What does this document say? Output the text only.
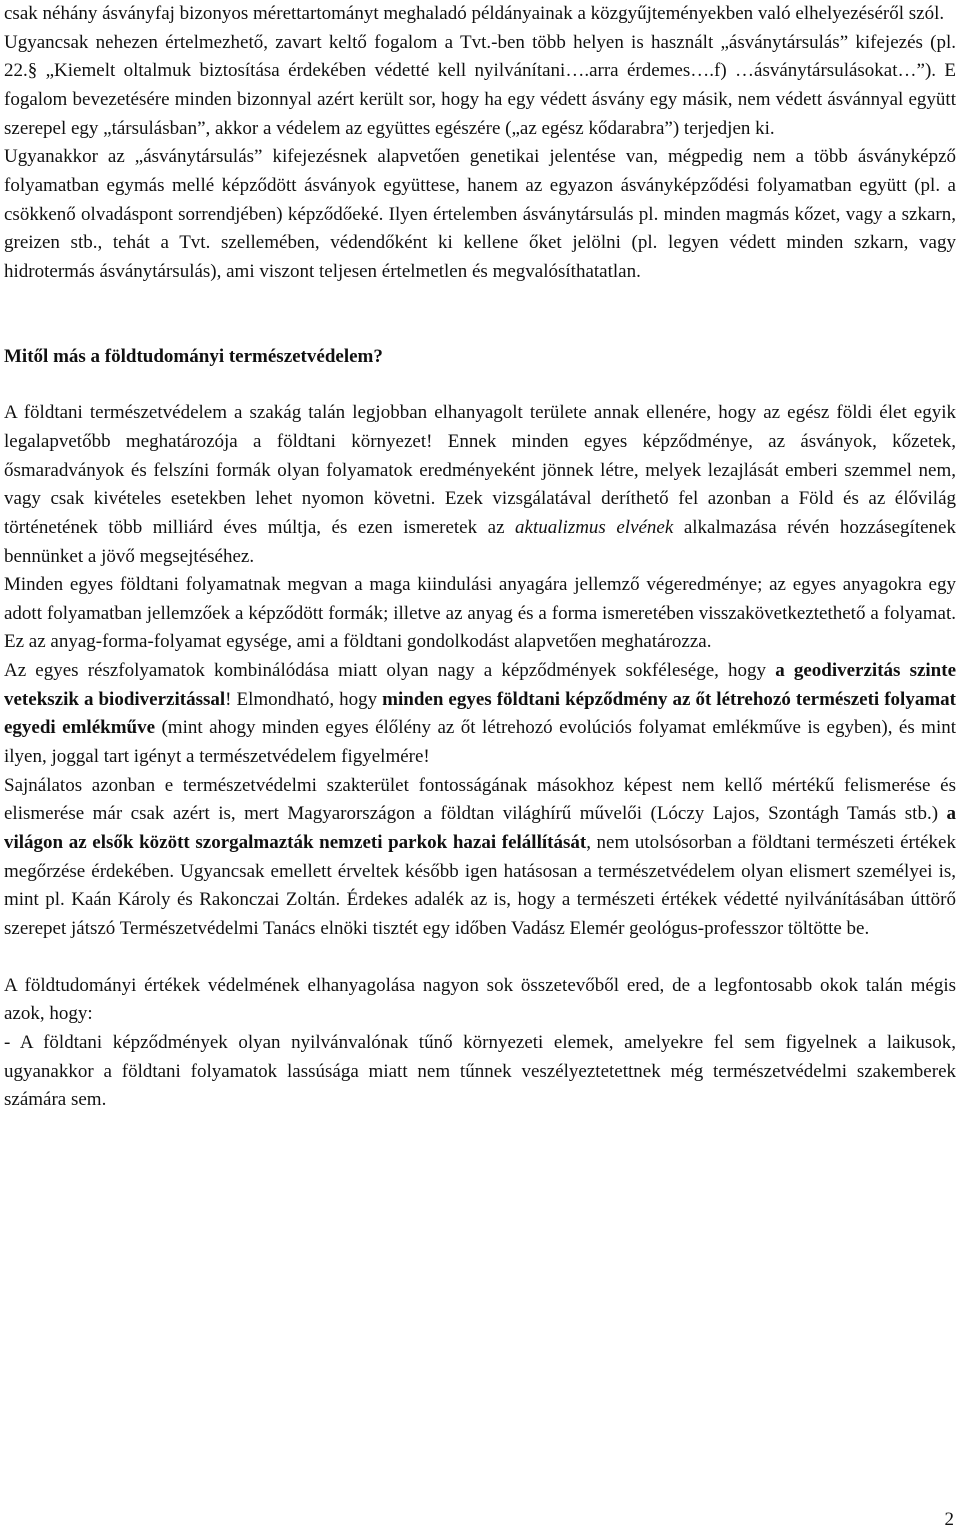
csak néhány ásványfaj bizonyos mérettartományt meghaladó példányainak a közgyűjteményekben való elhelyezéséről szól.

Ugyancsak nehezen értelmezhető, zavart keltő fogalom a Tvt.-ben több helyen is használt „ásványtársulás” kifejezés (pl. 22.§ „Kiemelt oltalmuk biztosítása érdekében védetté kell nyilvánítani….arra érdemes….f) …ásványtársulásokat…”). E fogalom bevezetésére minden bizonnyal azért került sor, hogy ha egy védett ásvány egy másik, nem védett ásvánnyal együtt szerepel egy „társulásban”, akkor a védelem az együttes egészére („az egész kődarabra”) terjedjen ki.

Ugyanakkor az „ásványtársulás” kifejezésnek alapvetően genetikai jelentése van, mégpedig nem a több ásványképző folyamatban egymás mellé képződött ásványok együttese, hanem az egyazon ásványképződési folyamatban együtt (pl. a csökkenő olvadáspont sorrendjében) képződőeké. Ilyen értelemben ásványtársulás pl. minden magmás kőzet, vagy a szkarn, greizen stb., tehát a Tvt. szellemében, védendőként ki kellene őket jelölni (pl. legyen védett minden szkarn, vagy hidrotermás ásványtársulás), ami viszont teljesen értelmetlen és megvalósíthatatlan.

Mitől más a földtudományi természetvédelem?

A földtani természetvédelem a szakág talán legjobban elhanyagolt területe annak ellenére, hogy az egész földi élet egyik legalapvetőbb meghatározója a földtani környezet! Ennek minden egyes képződménye, az ásványok, kőzetek, ősmaradványok és felszíni formák olyan folyamatok eredményeként jönnek létre, melyek lezajlását emberi szemmel nem, vagy csak kivételes esetekben lehet nyomon követni. Ezek vizsgálatával deríthető fel azonban a Föld és az élővilág történetének több milliárd éves múltja, és ezen ismeretek az aktualizmus elvének alkalmazása révén hozzásegítenek bennünket a jövő megsejtéséhez.

Minden egyes földtani folyamatnak megvan a maga kiindulási anyagára jellemző végeredménye; az egyes anyagokra egy adott folyamatban jellemzőek a képződött formák; illetve az anyag és a forma ismeretében visszakövetkeztethető a folyamat. Ez az anyag-forma-folyamat egysége, ami a földtani gondolkodást alapvetően meghatározza.

Az egyes részfolyamatok kombinálódása miatt olyan nagy a képződmények sokfélesége, hogy a geodiverzitás szinte vetekszik a biodiverzitással! Elmondható, hogy minden egyes földtani képződmény az őt létrehozó természeti folyamat egyedi emlékműve (mint ahogy minden egyes élőlény az őt létrehozó evolúciós folyamat emlékműve is egyben), és mint ilyen, joggal tart igényt a természetvédelem figyelmére!

Sajnálatos azonban e természetvédelmi szakterület fontosságának másokhoz képest nem kellő mértékű felismerése és elismerése már csak azért is, mert Magyarországon a földtan világhírű művelői (Lóczy Lajos, Szontágh Tamás stb.) a világon az elsők között szorgalmazták nemzeti parkok hazai felállítását, nem utolsósorban a földtani természeti értékek megőrzése érdekében. Ugyancsak emellett érveltek később igen hatásosan a természetvédelem olyan elismert személyei is, mint pl. Kaán Károly és Rakonczai Zoltán. Érdekes adalék az is, hogy a természeti értékek védetté nyilvánításában úttörő szerepet játszó Természetvédelmi Tanács elnöki tisztét egy időben Vadász Elemér geológus-professzor töltötte be.

A földtudományi értékek védelmének elhanyagolása nagyon sok összetevőből ered, de a legfontosabb okok talán mégis azok, hogy:

- A földtani képződmények olyan nyilvánvalónak tűnő környezeti elemek, amelyekre fel sem figyelnek a laikusok, ugyanakkor a földtani folyamatok lassúsága miatt nem tűnnek veszélyeztetettnek még természetvédelmi szakemberek számára sem.

2
